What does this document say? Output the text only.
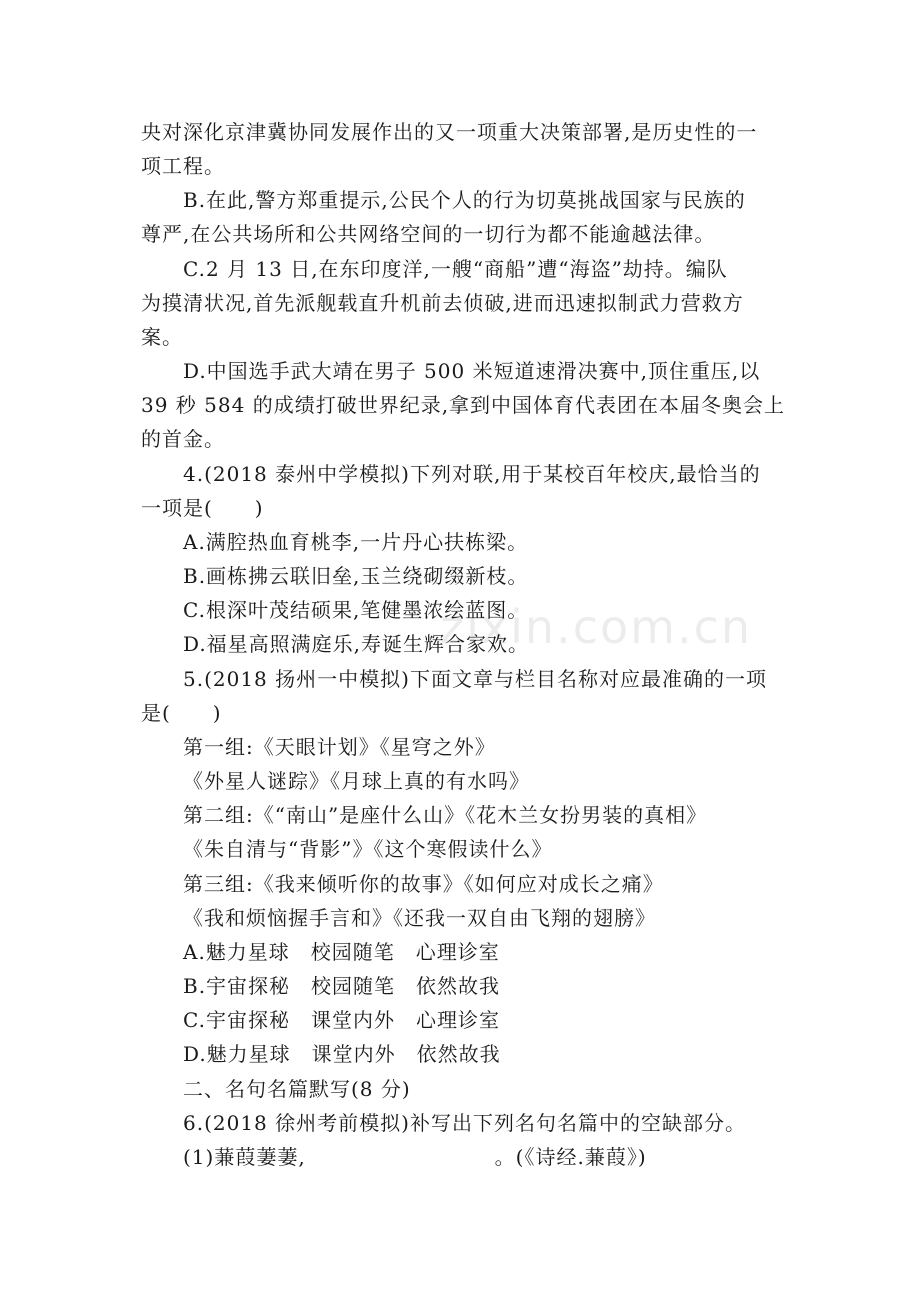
央对深化京津冀协同发展作出的又一项重大决策部署,是历史性的一
项工程。
B.在此,警方郑重提示,公民个人的行为切莫挑战国家与民族的
尊严,在公共场所和公共网络空间的一切行为都不能逾越法律。
C.2 月 13 日,在东印度洋,一艘“商船”遭“海盗”劫持。编队
为摸清状况,首先派舰载直升机前去侦破,进而迅速拟制武力营救方
案。
D.中国选手武大靖在男子 500 米短道速滑决赛中,顶住重压,以
39 秒 584 的成绩打破世界纪录,拿到中国体育代表团在本届冬奥会上
的首金。
4.(2018 泰州中学模拟)下列对联,用于某校百年校庆,最恰当的
一项是(　　)
A.满腔热血育桃李,一片丹心扶栋梁。
B.画栋拂云联旧垒,玉兰绕砌缀新枝。
C.根深叶茂结硕果,笔健墨浓绘蓝图。
D.福星高照满庭乐,寿诞生辉合家欢。
5.(2018 扬州一中模拟)下面文章与栏目名称对应最准确的一项
是(　　)
第一组:《天眼计划》《星穹之外》
《外星人谜踪》《月球上真的有水吗》
第二组:《“南山”是座什么山》《花木兰女扮男装的真相》
《朱自清与“背影”》《这个寒假读什么》
第三组:《我来倾听你的故事》《如何应对成长之痛》
《我和烦恼握手言和》《还我一双自由飞翔的翅膀》
A.魅力星球　校园随笔　心理诊室
B.宇宙探秘　校园随笔　依然故我
C.宇宙探秘　课堂内外　心理诊室
D.魅力星球　课堂内外　依然故我
二、名句名篇默写(8 分)
6.(2018 徐州考前模拟)补写出下列名句名篇中的空缺部分。
(1)蒹葭萋萋,　　　　　　　　　。(《诗经.蒹葭》)
zixin.com.cn
